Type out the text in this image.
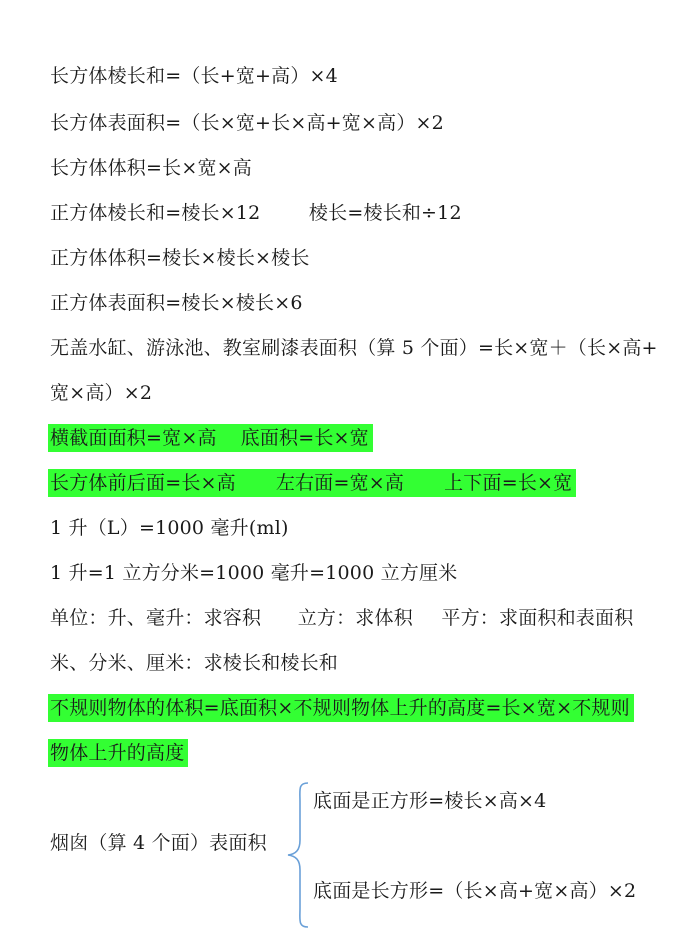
长方体棱长和=（长+宽+高）×4
长方体表面积=（长×宽+长×高+宽×高）×2
长方体体积=长×宽×高
正方体棱长和=棱长×12	棱长=棱长和÷12
正方体体积=棱长×棱长×棱长
正方体表面积=棱长×棱长×6
无盖水缸、游泳池、教室刷漆表面积（算 5 个面）=长×宽＋（长×高+
宽×高）×2
横截面面积=宽×高 底面积=长×宽
长方体前后面=长×高 左右面=宽×高 上下面=长×宽
1 升（L）=1000 毫升(ml)
1 升=1 立方分米=1000 毫升=1000 立方厘米
单位：升、毫升：求容积 立方：求体积 平方：求面积和表面积
米、分米、厘米：求棱长和棱长和
不规则物体的体积=底面积×不规则物体上升的高度=长×宽×不规则
物体上升的高度
烟囱（算 4 个面）表面积
底面是正方形=棱长×高×4
底面是长方形=（长×高+宽×高）×2
